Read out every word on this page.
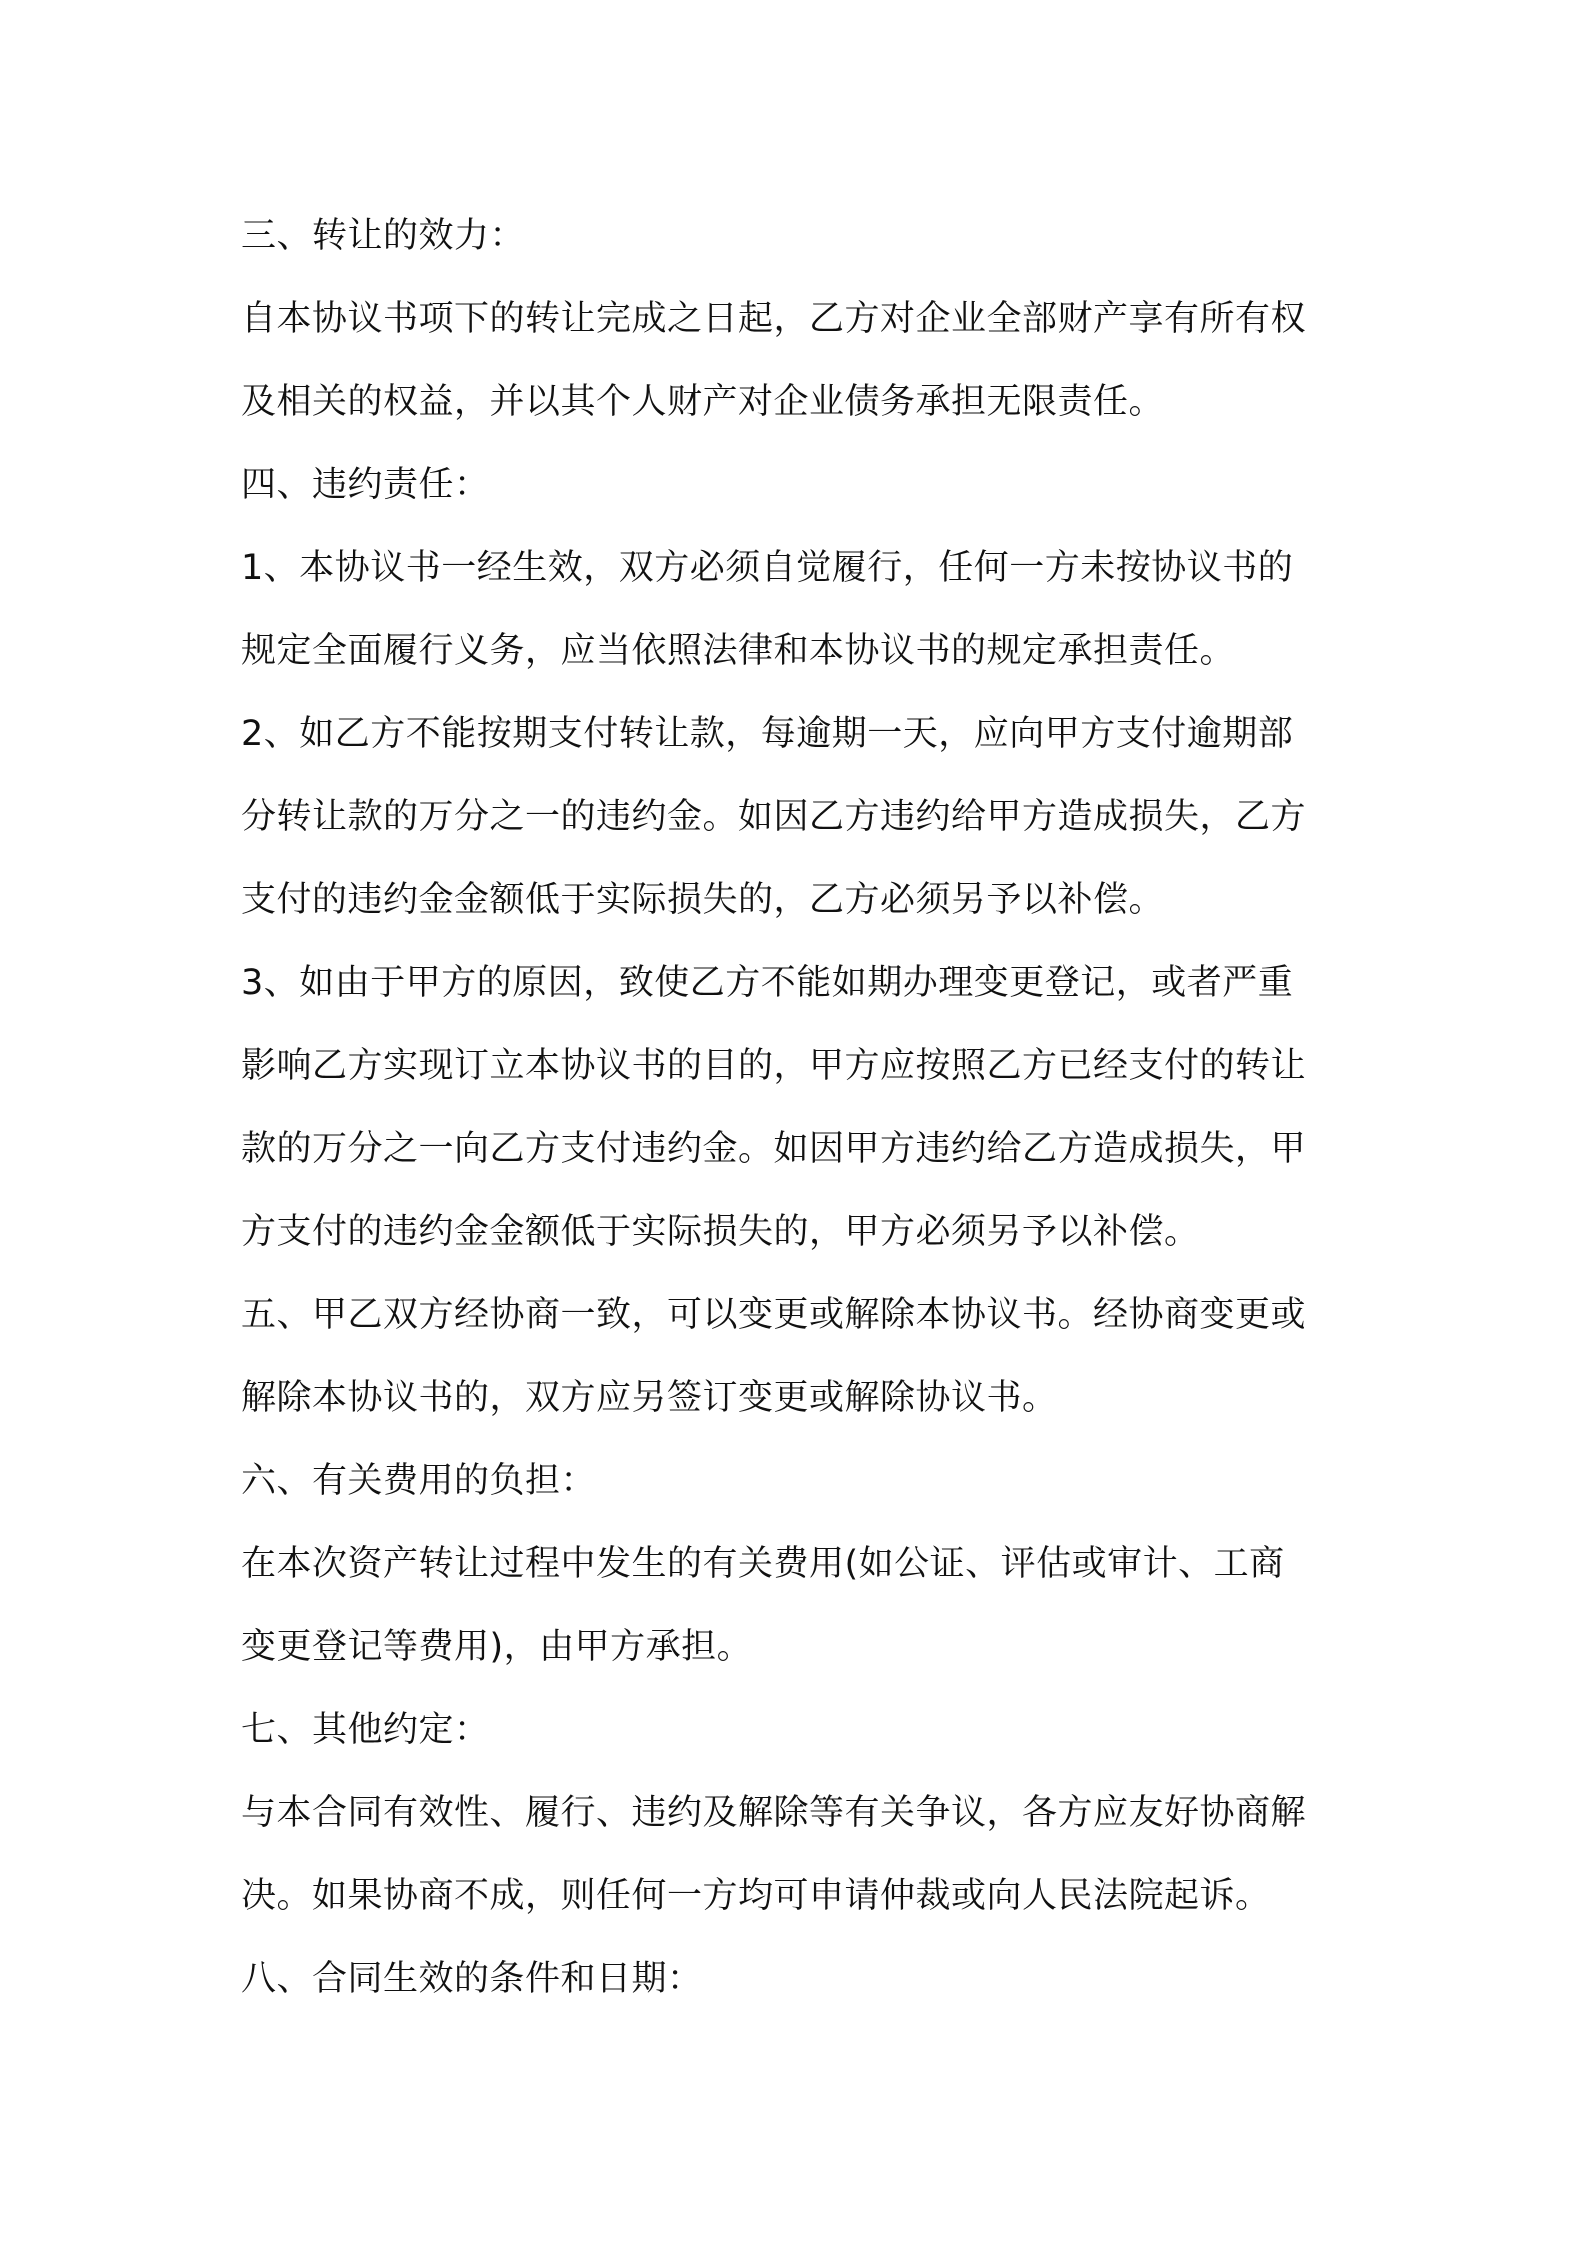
三、转让的效力：
自本协议书项下的转让完成之日起，乙方对企业全部财产享有所有权
及相关的权益，并以其个人财产对企业债务承担无限责任。
四、违约责任：
1、本协议书一经生效，双方必须自觉履行，任何一方未按协议书的
规定全面履行义务，应当依照法律和本协议书的规定承担责任。
2、如乙方不能按期支付转让款，每逾期一天，应向甲方支付逾期部
分转让款的万分之一的违约金。如因乙方违约给甲方造成损失，乙方
支付的违约金金额低于实际损失的，乙方必须另予以补偿。
3、如由于甲方的原因，致使乙方不能如期办理变更登记，或者严重
影响乙方实现订立本协议书的目的，甲方应按照乙方已经支付的转让
款的万分之一向乙方支付违约金。如因甲方违约给乙方造成损失，甲
方支付的违约金金额低于实际损失的，甲方必须另予以补偿。
五、甲乙双方经协商一致，可以变更或解除本协议书。经协商变更或
解除本协议书的，双方应另签订变更或解除协议书。
六、有关费用的负担：
在本次资产转让过程中发生的有关费用(如公证、评估或审计、工商
变更登记等费用)，由甲方承担。
七、其他约定：
与本合同有效性、履行、违约及解除等有关争议，各方应友好协商解
决。如果协商不成，则任何一方均可申请仲裁或向人民法院起诉。
八、合同生效的条件和日期：
